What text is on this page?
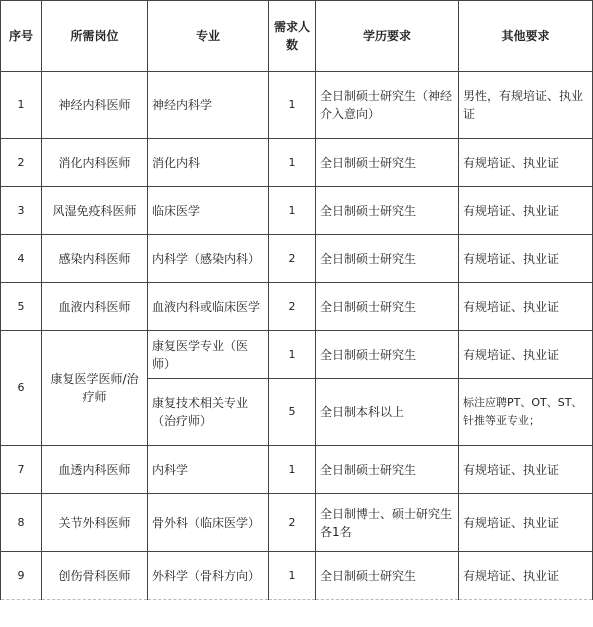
序号	所需岗位	专业	需求人数	学历要求	其他要求
1	神经内科医师	神经内科学	1	全日制硕士研究生（神经介入意向）	男性，有规培证、执业证
2	消化内科医师	消化内科	1	全日制硕士研究生	有规培证、执业证
3	风湿免疫科医师	临床医学	1	全日制硕士研究生	有规培证、执业证
4	感染内科医师	内科学（感染内科）	2	全日制硕士研究生	有规培证、执业证
5	血液内科医师	血液内科或临床医学	2	全日制硕士研究生	有规培证、执业证
6	康复医学医师/治疗师	康复医学专业（医师）	1	全日制硕士研究生	有规培证、执业证
		康复技术相关专业（治疗师）	5	全日制本科以上	标注应聘PT、OT、ST、针推等亚专业；
7	血透内科医师	内科学	1	全日制硕士研究生	有规培证、执业证
8	关节外科医师	骨外科（临床医学）	2	全日制博士、硕士研究生各1名	有规培证、执业证
9	创伤骨科医师	外科学（骨科方向）	1	全日制硕士研究生	有规培证、执业证
